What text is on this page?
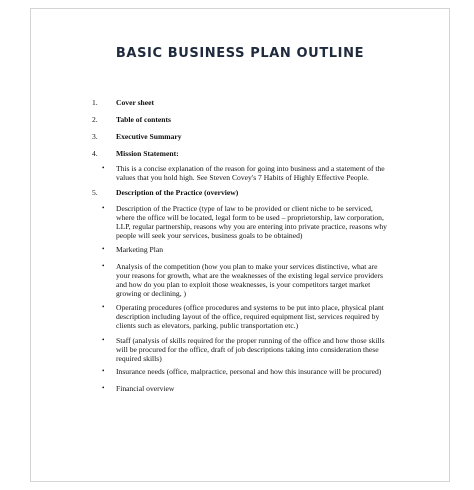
BASIC BUSINESS PLAN OUTLINE
1. Cover sheet
2. Table of contents
3. Executive Summary
4. Mission Statement:
• This is a concise explanation of the reason for going into business and a statement of the
values that you hold high. See Steven Covey's 7 Habits of Highly Effective People.
5. Description of the Practice (overview)
• Description of the Practice (type of law to be provided or client niche to be serviced,
where the office will be located, legal form to be used – proprietorship, law corporation,
LLP, regular partnership, reasons why you are entering into private practice, reasons why
people will seek your services, business goals to be obtained)
• Marketing Plan
• Analysis of the competition (how you plan to make your services distinctive, what are
your reasons for growth, what are the weaknesses of the existing legal service providers
and how do you plan to exploit those weaknesses, is your competitors target market
growing or declining, )
• Operating procedures (office procedures and systems to be put into place, physical plant
description including layout of the office, required equipment list, services required by
clients such as elevators, parking, public transportation etc.)
• Staff (analysis of skills required for the proper running of the office and how those skills
will be procured for the office, draft of job descriptions taking into consideration these
required skills)
• Insurance needs (office, malpractice, personal and how this insurance will be procured)
• Financial overview
